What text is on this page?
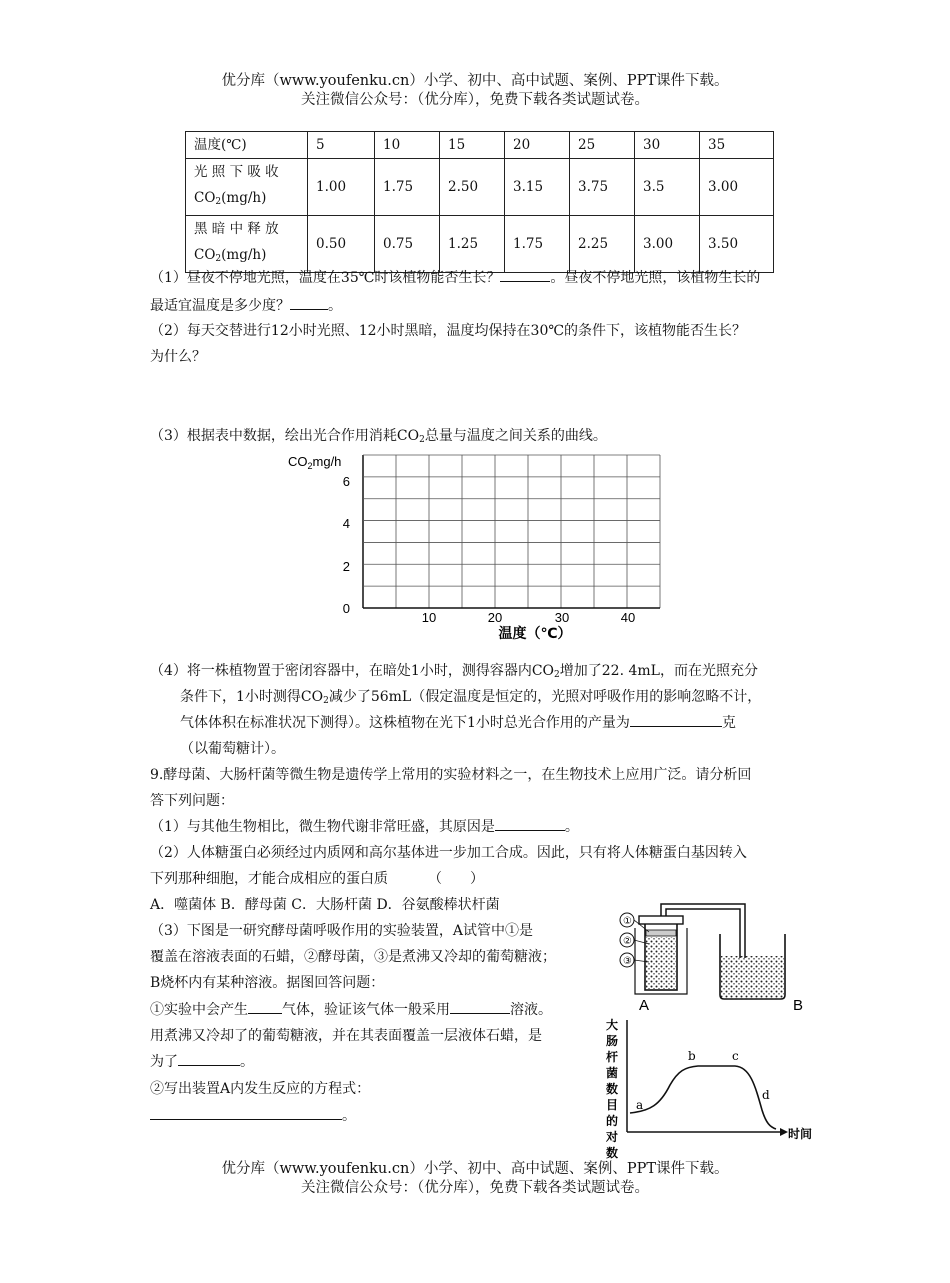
优分库（www.youfenku.cn）小学、初中、高中试题、案例、PPT课件下载。
关注微信公众号：（优分库），免费下载各类试题试卷。
温度(℃)	5	10	15	20	25	30	35

光 照 下 吸 收
$CO_2(mg/h)$	1.00	1.75	2.50	3.15	3.75	3.5	3.00

黑 暗 中 释 放
$CO_2(mg/h)$	0.50	0.75	1.25	1.75	2.25	3.00	3.50
（1）昼夜不停地光照，温度在35℃时该植物能否生长？	。昼夜不停地光照，该植物生长的
最适宜温度是多少度？	。
（2）每天交替进行12小时光照、12小时黑暗，温度均保持在30℃的条件下，该植物能否生长？
为什么？
（3）根据表中数据，绘出光合作用消耗$CO_2$总量与温度之间关系的曲线。
$CO_2mg/h$
0
2
4
6
10	20	30	40
温度（℃）
（4）将一株植物置于密闭容器中，在暗处1小时，测得容器内$CO_2$增加了22. 4mL，而在光照充分
条件下，1小时测得$CO_2$减少了56mL（假定温度是恒定的，光照对呼吸作用的影响忽略不计，
气体体积在标准状况下测得）。这株植物在光下1小时总光合作用的产量为	克
（以葡萄糖计）。
9.酵母菌、大肠杆菌等微生物是遗传学上常用的实验材料之一，在生物技术上应用广泛。请分析回
答下列问题：
（1）与其他生物相比，微生物代谢非常旺盛，其原因是	。
（2）人体糖蛋白必须经过内质网和高尔基体进一步加工合成。因此，只有将人体糖蛋白基因转入
下列那种细胞，才能合成相应的蛋白质	（　　）
A．噬菌体 B．酵母菌 C．大肠杆菌 D．谷氨酸棒状杆菌
（3）下图是一研究酵母菌呼吸作用的实验装置，A试管中①是
覆盖在溶液表面的石蜡，②酵母菌，③是煮沸又冷却的葡萄糖液；
B烧杯内有某种溶液。据图回答问题：
①实验中会产生 气体，验证该气体一般采用	溶液。
用煮沸又冷却了的葡萄糖液，并在其表面覆盖一层液体石蜡，是
为了	。
②写出装置A内发生反应的方程式：
。
①
②
③
A	B
大
肠
杆
菌
数
目
的
对
数
时间
a
b	c
d
优分库（www.youfenku.cn）小学、初中、高中试题、案例、PPT课件下载。
关注微信公众号：（优分库），免费下载各类试题试卷。
